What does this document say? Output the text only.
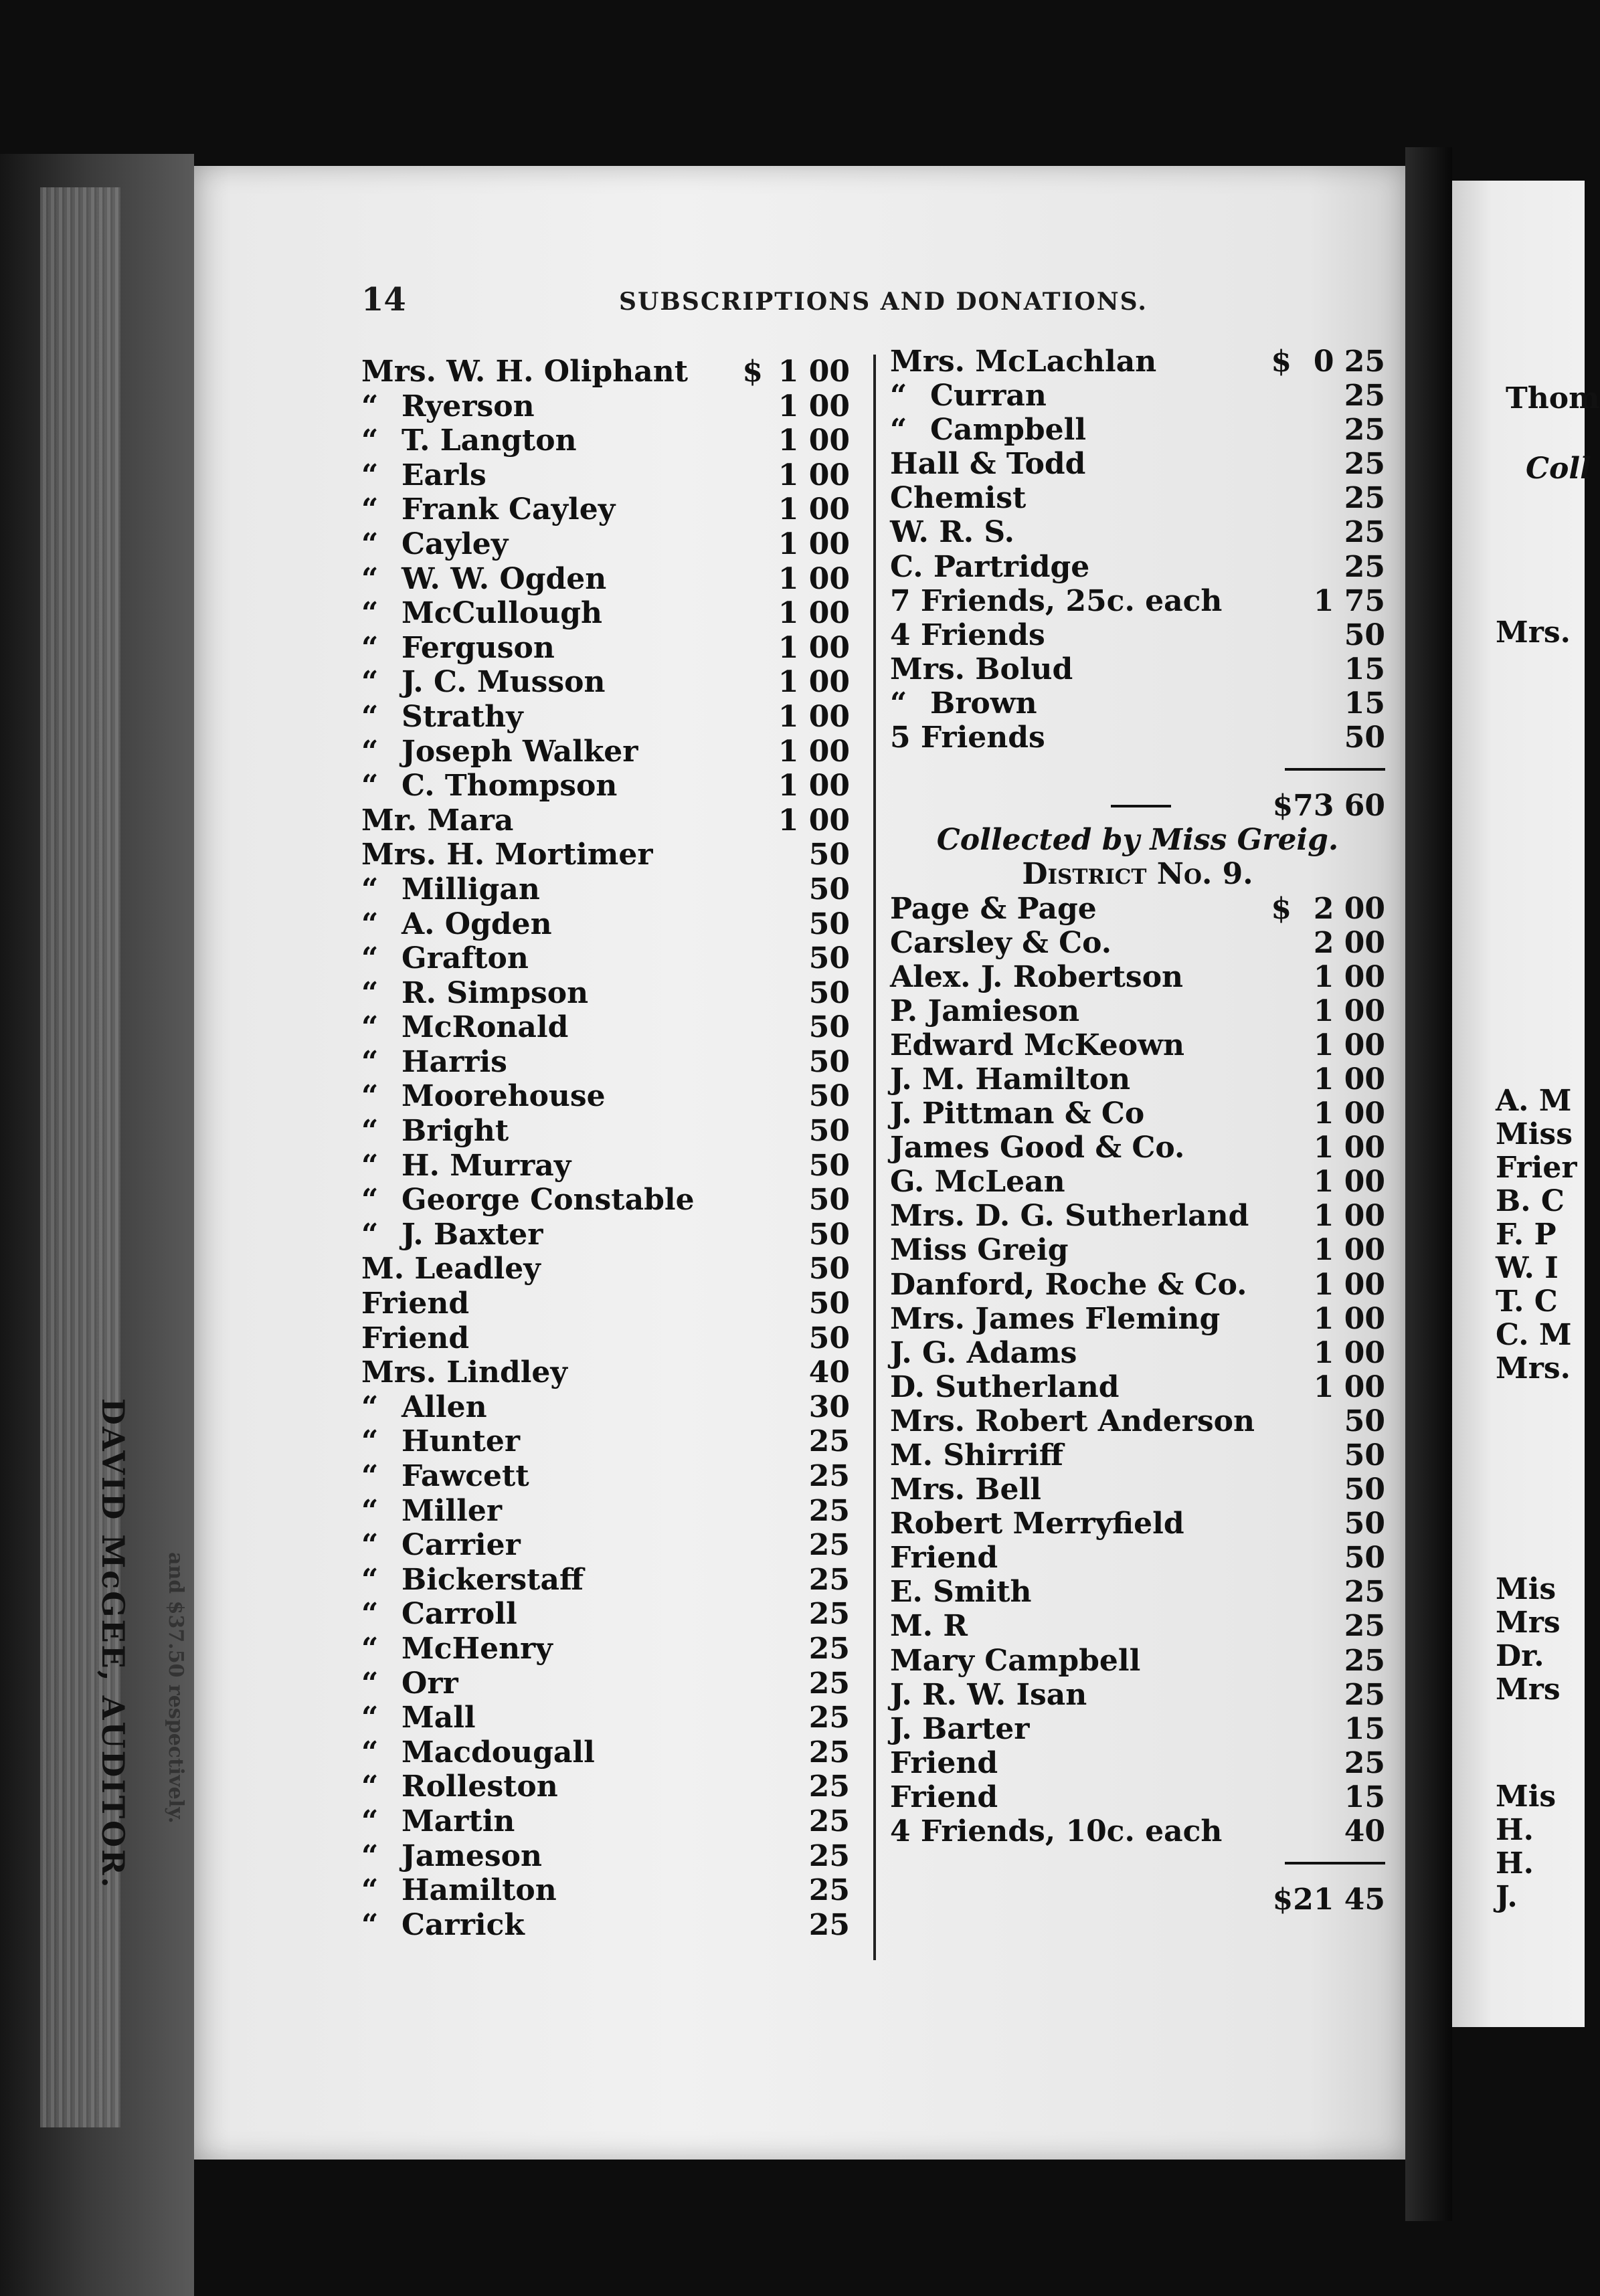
DAVID McGEE, AUDITOR. and $37.50 respectively.
Thom
Coll
Mrs.
A. M
Miss
Frier
B. C
F. P
W. I
T. C
C. M
Mrs.
Mis
Mrs
Dr.
Mrs
Mis
H.
H.
J.
14	SUBSCRIPTIONS AND DONATIONS.
Mrs. W. H. Oliphant $ 1 00
“ Ryerson	1 00
“ T. Langton	1 00
“ Earls	1 00
“ Frank Cayley	1 00
“ Cayley	1 00
“ W. W. Ogden	1 00
“ McCullough	1 00
“ Ferguson	1 00
“ J. C. Musson	1 00
“ Strathy	1 00
“ Joseph Walker	1 00
“ C. Thompson	1 00
Mr. Mara	1 00
Mrs. H. Mortimer	50
“ Milligan	50
“ A. Ogden	50
“ Grafton	50
“ R. Simpson	50
“ McRonald	50
“ Harris	50
“ Moorehouse	50
“ Bright	50
“ H. Murray	50
“ George Constable	50
“ J. Baxter	50
M. Leadley	50
Friend	50
Friend	50
Mrs. Lindley	40
“ Allen	30
“ Hunter	25
“ Fawcett	25
“ Miller	25
“ Carrier	25
“ Bickerstaff	25
“ Carroll	25
“ McHenry	25
“ Orr	25
“ Mall	25
“ Macdougall	25
“ Rolleston	25
“ Martin	25
“ Jameson	25
“ Hamilton	25
“ Carrick	25
Mrs. McLachlan	$ 0 25
“ Curran	25
“ Campbell	25
Hall & Todd	25
Chemist	25
W. R. S.	25
C. Partridge	25
7 Friends, 25c. each	1 75
4 Friends	50
Mrs. Bolud	15
“ Brown	15
5 Friends	50
$73 60
Collected by Miss Greig.
District No. 9.
Page & Page	$ 2 00
Carsley & Co.	2 00
Alex. J. Robertson	1 00
P. Jamieson	1 00
Edward McKeown	1 00
J. M. Hamilton	1 00
J. Pittman & Co	1 00
James Good & Co.	1 00
G. McLean	1 00
Mrs. D. G. Sutherland 1 00
Miss Greig	1 00
Danford, Roche & Co. 1 00
Mrs. James Fleming	1 00
J. G. Adams	1 00
D. Sutherland	1 00
Mrs. Robert Anderson	50
M. Shirriff	50
Mrs. Bell	50
Robert Merryfield	50
Friend	50
E. Smith	25
M. R	25
Mary Campbell	25
J. R. W. Isan	25
J. Barter	15
Friend	25
Friend	15
4 Friends, 10c. each	40
$21 45
